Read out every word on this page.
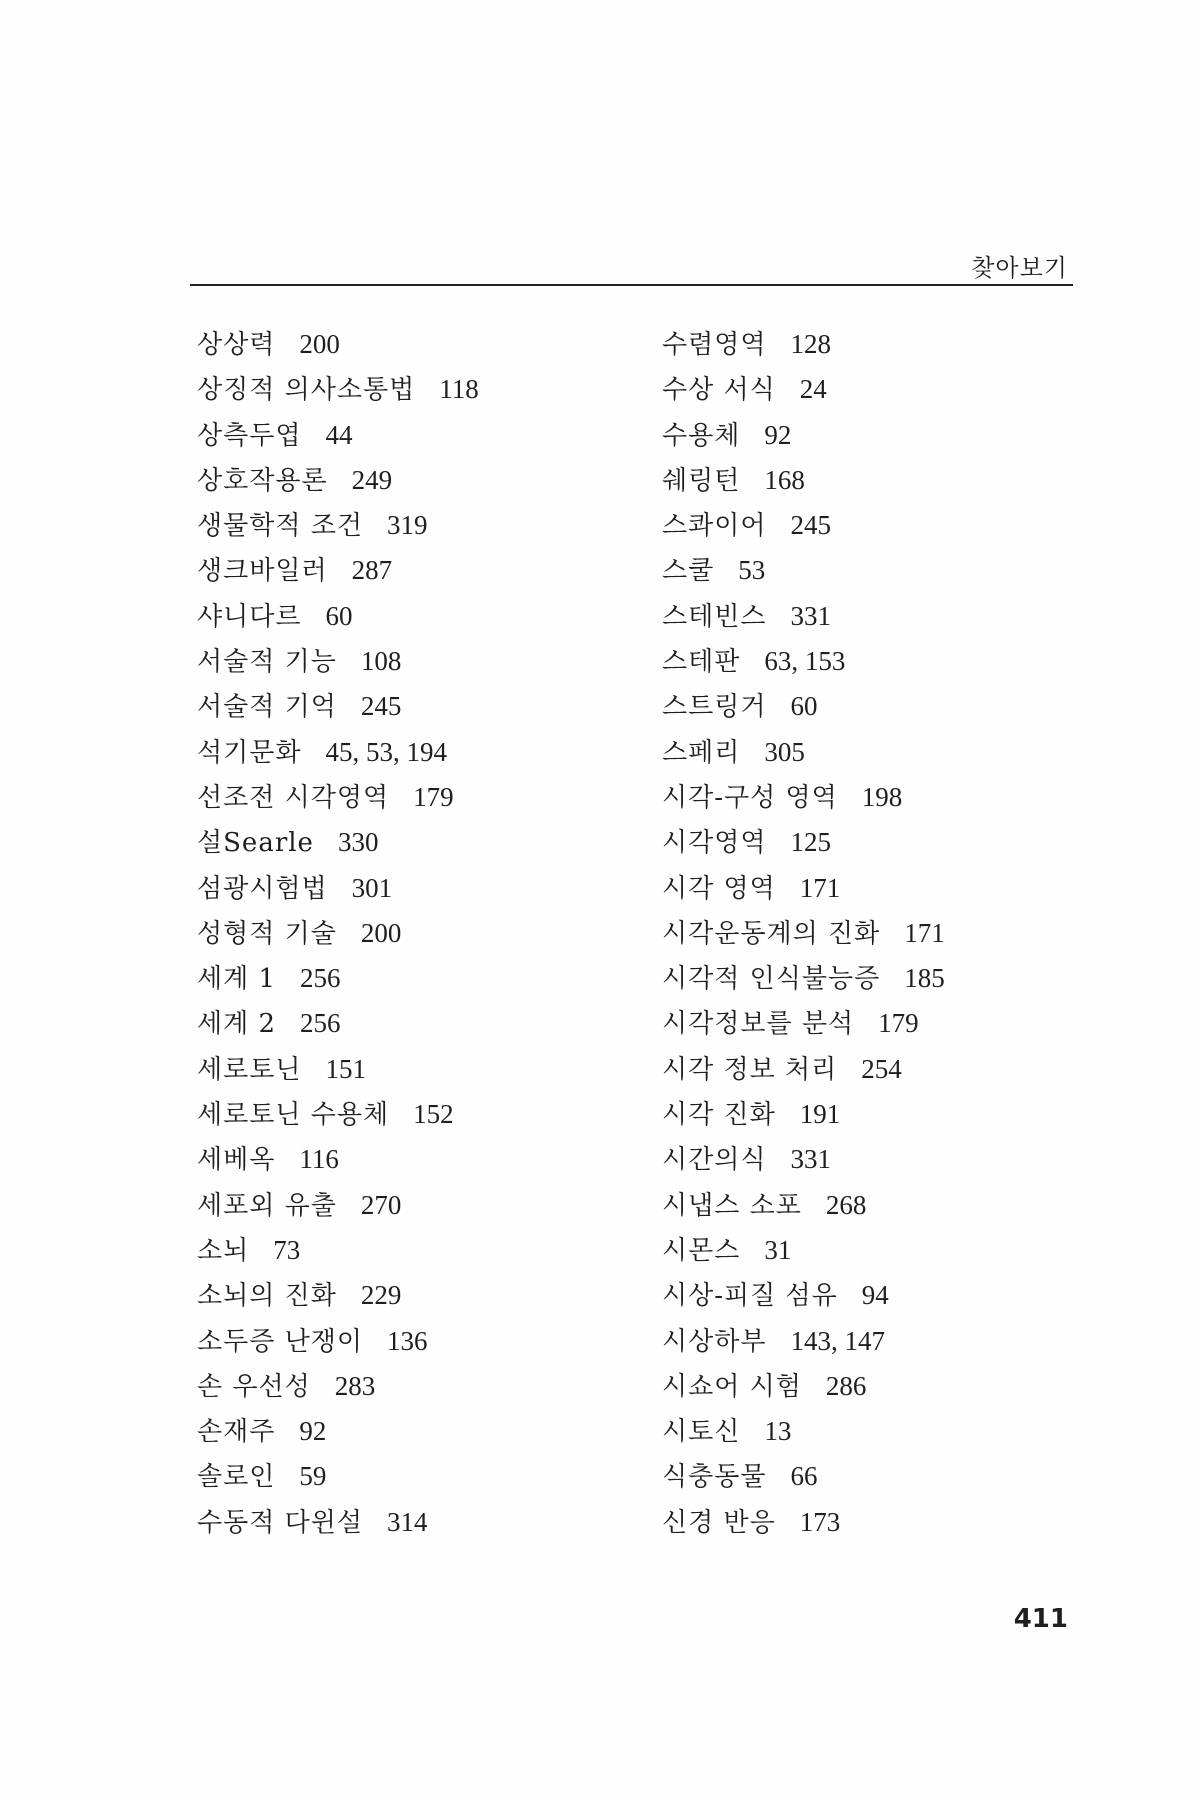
찾아보기
상상력 200
상징적 의사소통법 118
상측두엽 44
상호작용론 249
생물학적 조건 319
생크바일러 287
샤니다르 60
서술적 기능 108
서술적 기억 245
석기문화 45, 53, 194
선조전 시각영역 179
설Searle 330
섬광시험법 301
성형적 기술 200
세계 1 256
세계 2 256
세로토닌 151
세로토닌 수용체 152
세베옥 116
세포외 유출 270
소뇌 73
소뇌의 진화 229
소두증 난쟁이 136
손 우선성 283
손재주 92
솔로인 59
수동적 다윈설 314
수렴영역 128
수상 서식 24
수용체 92
쉐링턴 168
스콰이어 245
스쿨 53
스테빈스 331
스테판 63, 153
스트링거 60
스페리 305
시각-구성 영역 198
시각영역 125
시각 영역 171
시각운동계의 진화 171
시각적 인식불능증 185
시각정보를 분석 179
시각 정보 처리 254
시각 진화 191
시간의식 331
시냅스 소포 268
시몬스 31
시상-피질 섬유 94
시상하부 143, 147
시쇼어 시험 286
시토신 13
식충동물 66
신경 반응 173
411
